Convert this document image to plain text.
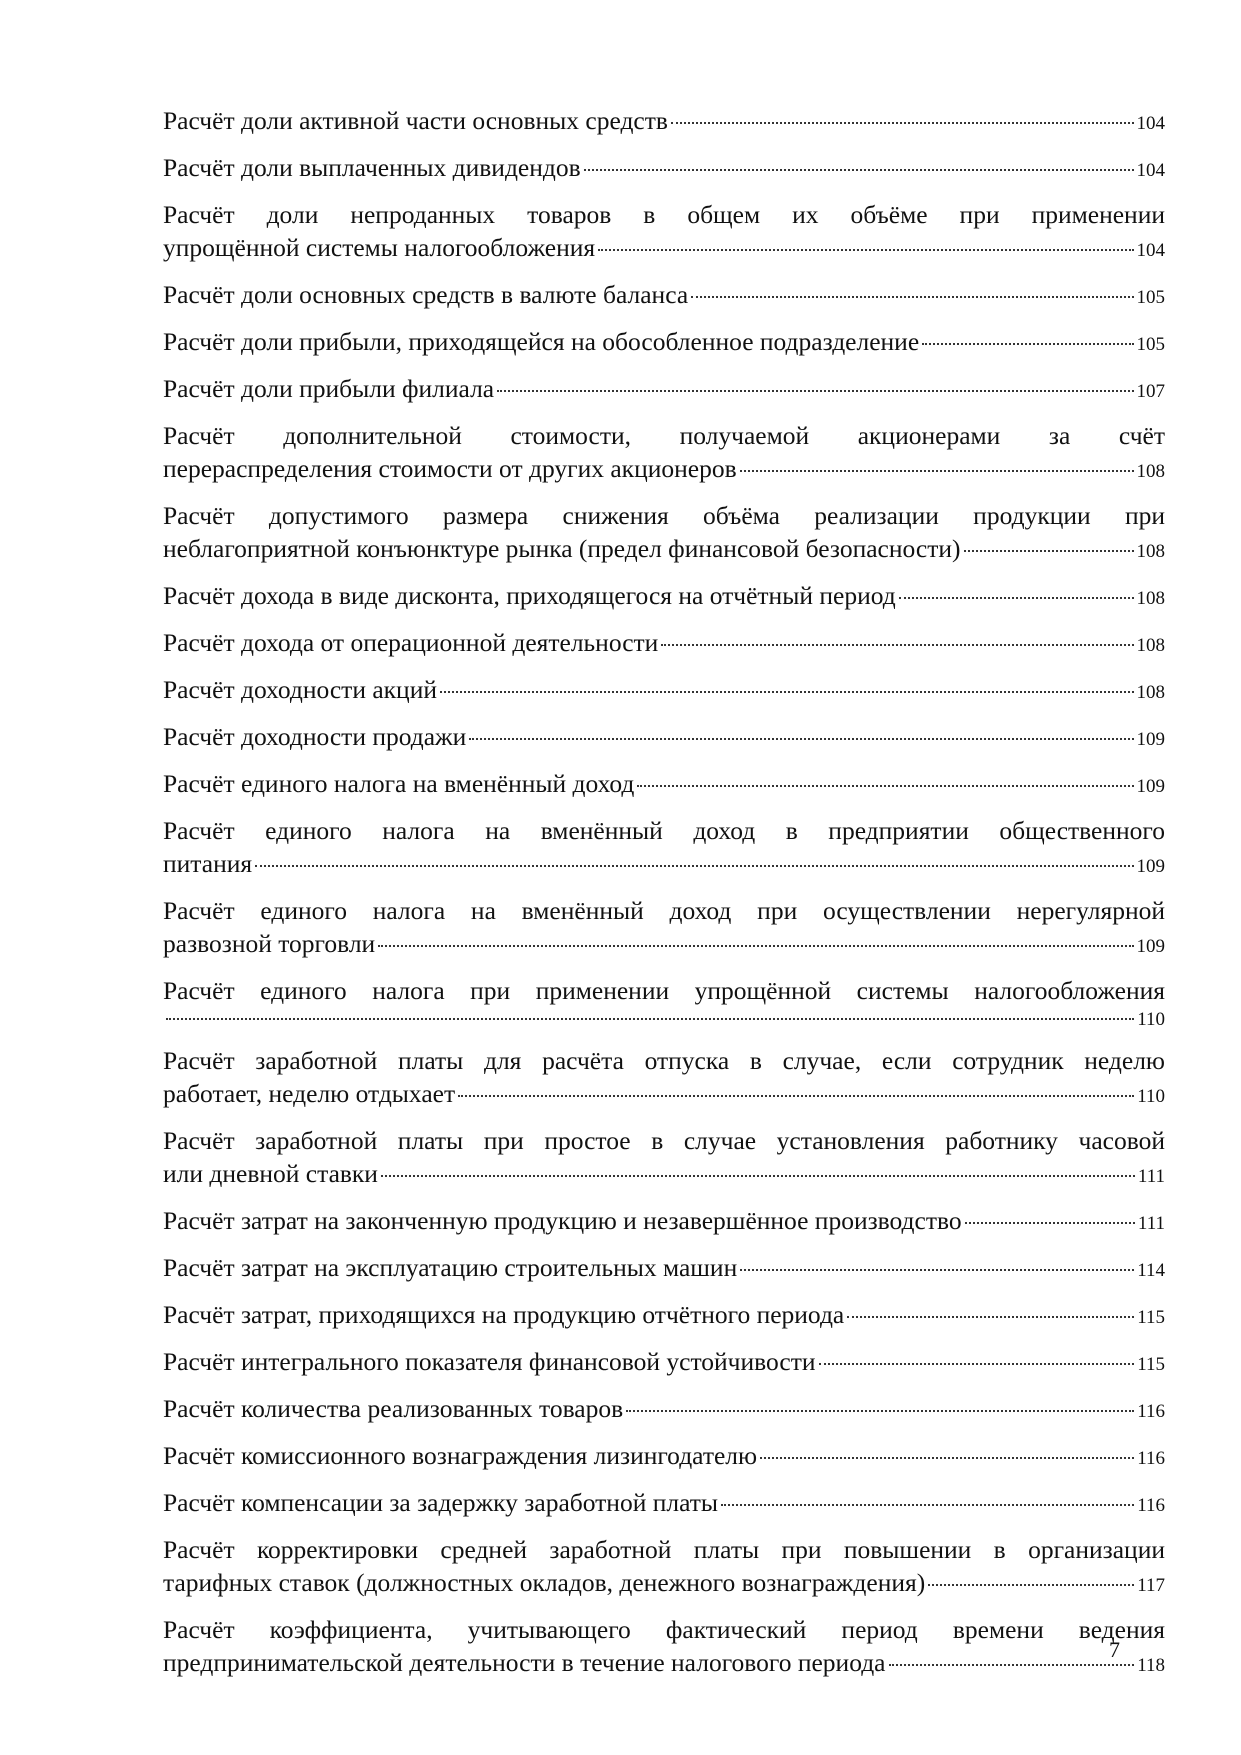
Расчёт доли активной части основных средств	104
Расчёт доли выплаченных дивидендов	104
Расчёт доли непроданных товаров в общем их объёме при применении
упрощённой системы налогообложения	104
Расчёт доли основных средств в валюте баланса	105
Расчёт доли прибыли, приходящейся на обособленное подразделение	105
Расчёт доли прибыли филиала	107
Расчёт дополнительной стоимости, получаемой акционерами за счёт
перераспределения стоимости от других акционеров	108
Расчёт допустимого размера снижения объёма реализации продукции при
неблагоприятной конъюнктуре рынка (предел финансовой безопасности)	108
Расчёт дохода в виде дисконта, приходящегося на отчётный период	108
Расчёт дохода от операционной деятельности	108
Расчёт доходности акций	108
Расчёт доходности продажи	109
Расчёт единого налога на вменённый доход	109
Расчёт единого налога на вменённый доход в предприятии общественного
питания	109
Расчёт единого налога на вменённый доход при осуществлении нерегулярной
развозной торговли	109
Расчёт единого налога при применении упрощённой системы налогообложения
110
Расчёт заработной платы для расчёта отпуска в случае, если сотрудник неделю
работает, неделю отдыхает	110
Расчёт заработной платы при простое в случае установления работнику часовой
или дневной ставки	111
Расчёт затрат на законченную продукцию и незавершённое производство	111
Расчёт затрат на эксплуатацию строительных машин	114
Расчёт затрат, приходящихся на продукцию отчётного периода	115
Расчёт интегрального показателя финансовой устойчивости	115
Расчёт количества реализованных товаров	116
Расчёт комиссионного вознаграждения лизингодателю	116
Расчёт компенсации за задержку заработной платы	116
Расчёт корректировки средней заработной платы при повышении в организации
тарифных ставок (должностных окладов, денежного вознаграждения)	117
Расчёт коэффициента, учитывающего фактический период времени ведения
предпринимательской деятельности в течение налогового периода	118
7
